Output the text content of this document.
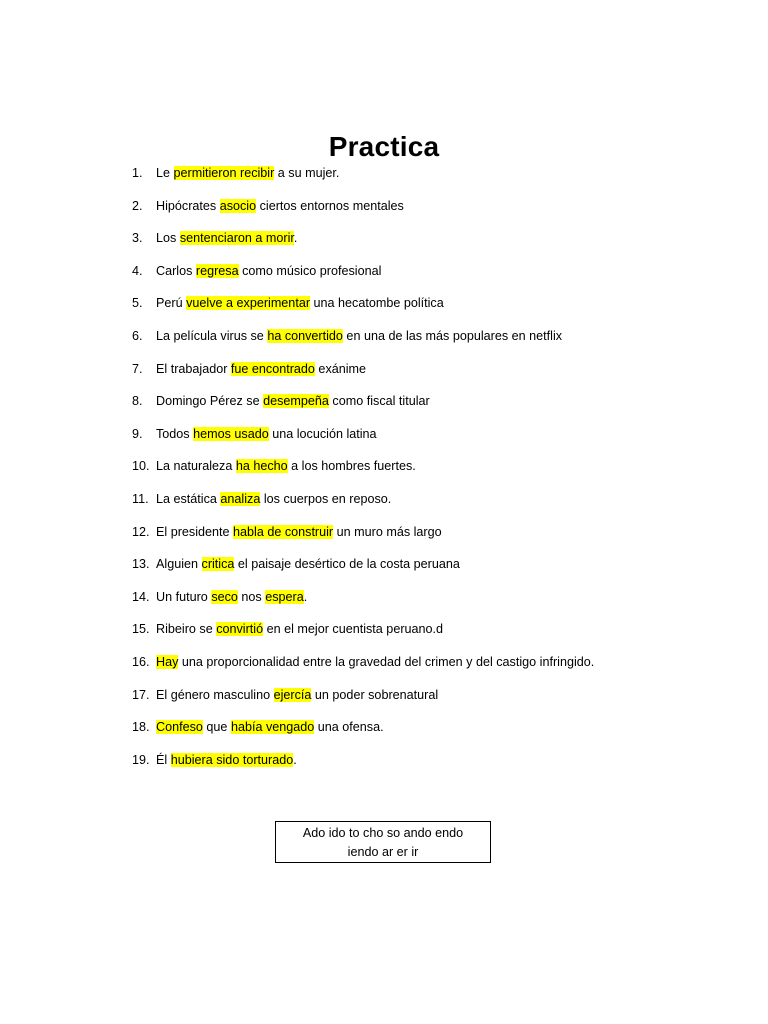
Practica
1. Le permitieron recibir a su mujer.
2. Hipócrates asocio ciertos entornos mentales
3. Los sentenciaron a morir.
4. Carlos regresa como músico profesional
5. Perú vuelve a experimentar una hecatombe política
6. La película virus se ha convertido en una de las más populares en netflix
7. El trabajador fue encontrado exánime
8. Domingo Pérez se desempeña como fiscal titular
9. Todos hemos usado una locución latina
10. La naturaleza ha hecho a los hombres fuertes.
11. La estática analiza los cuerpos en reposo.
12. El presidente habla de construir un muro más largo
13. Alguien critica el paisaje desértico de la costa peruana
14. Un futuro seco nos espera.
15. Ribeiro se convirtió en el mejor cuentista peruano.d
16. Hay una proporcionalidad entre la gravedad del crimen y del castigo infringido.
17. El género masculino ejercía un poder sobrenatural
18. Confeso que había vengado una ofensa.
19. Él hubiera sido torturado.
Ado ido to cho so ando endo
iendo ar er ir
